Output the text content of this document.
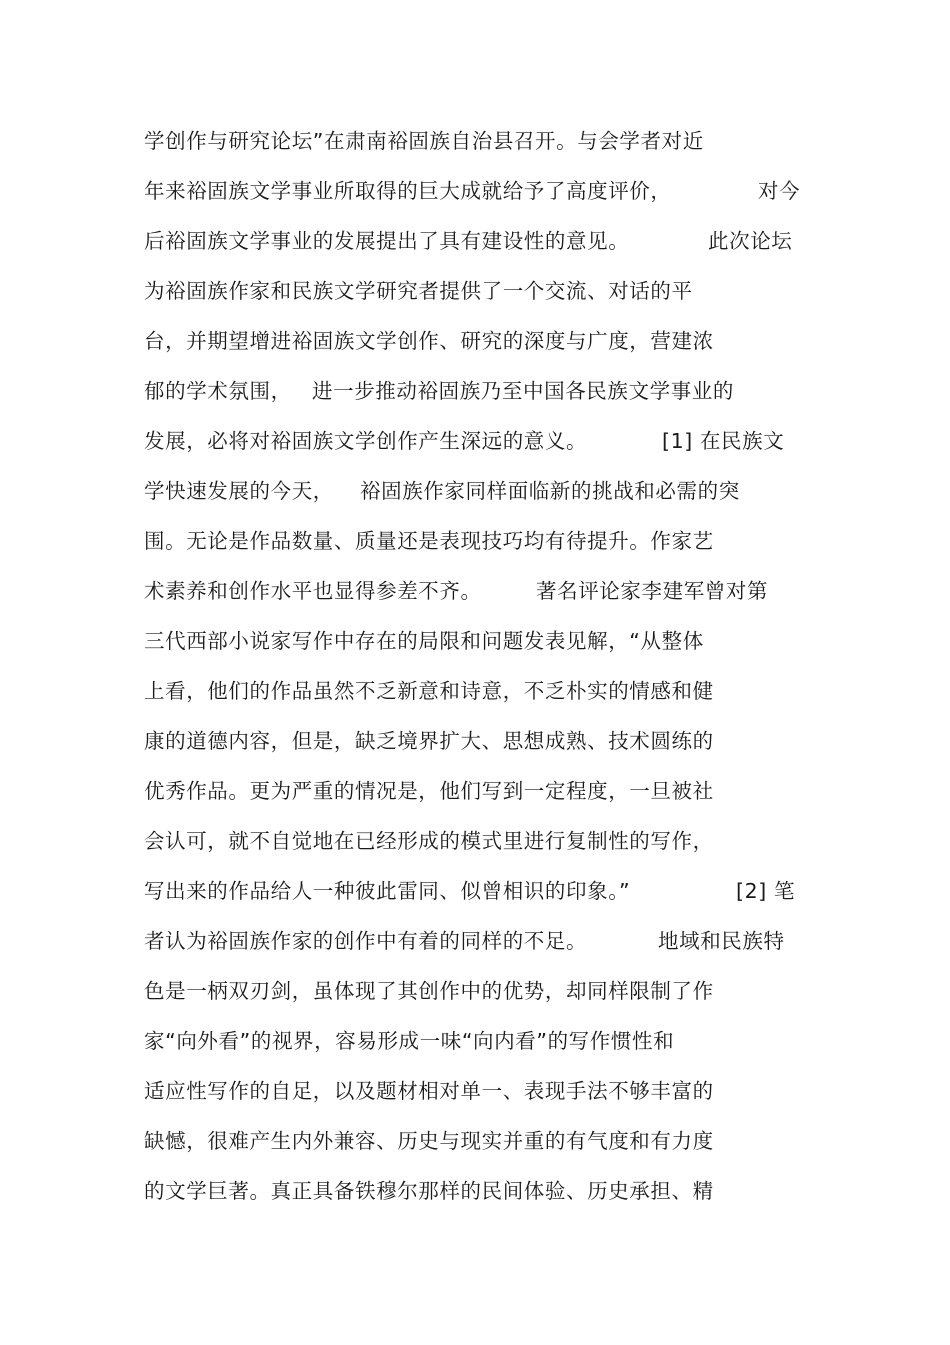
学创作与研究论坛”在肃南裕固族自治县召开。与会学者对近
年来裕固族文学事业所取得的巨大成就给予了高度评价，	对今
后裕固族文学事业的发展提出了具有建设性的意见。	此次论坛
为裕固族作家和民族文学研究者提供了一个交流、对话的平
台，并期望增进裕固族文学创作、研究的深度与广度，营建浓
郁的学术氛围， 进一步推动裕固族乃至中国各民族文学事业的
发展，必将对裕固族文学创作产生深远的意义。	[1] 在民族文
学快速发展的今天， 裕固族作家同样面临新的挑战和必需的突
围。无论是作品数量、质量还是表现技巧均有待提升。作家艺
术素养和创作水平也显得参差不齐。	著名评论家李建军曾对第
三代西部小说家写作中存在的局限和问题发表见解，“从整体
上看，他们的作品虽然不乏新意和诗意，不乏朴实的情感和健
康的道德内容，但是，缺乏境界扩大、思想成熟、技术圆练的
优秀作品。更为严重的情况是，他们写到一定程度，一旦被社
会认可，就不自觉地在已经形成的模式里进行复制性的写作，
写出来的作品给人一种彼此雷同、似曾相识的印象。”	[2] 笔
者认为裕固族作家的创作中有着的同样的不足。	地域和民族特
色是一柄双刃剑，虽体现了其创作中的优势，却同样限制了作
家“向外看”的视界，容易形成一味“向内看”的写作惯性和
适应性写作的自足，以及题材相对单一、表现手法不够丰富的
缺憾，很难产生内外兼容、历史与现实并重的有气度和有力度
的文学巨著。真正具备铁穆尔那样的民间体验、历史承担、精
